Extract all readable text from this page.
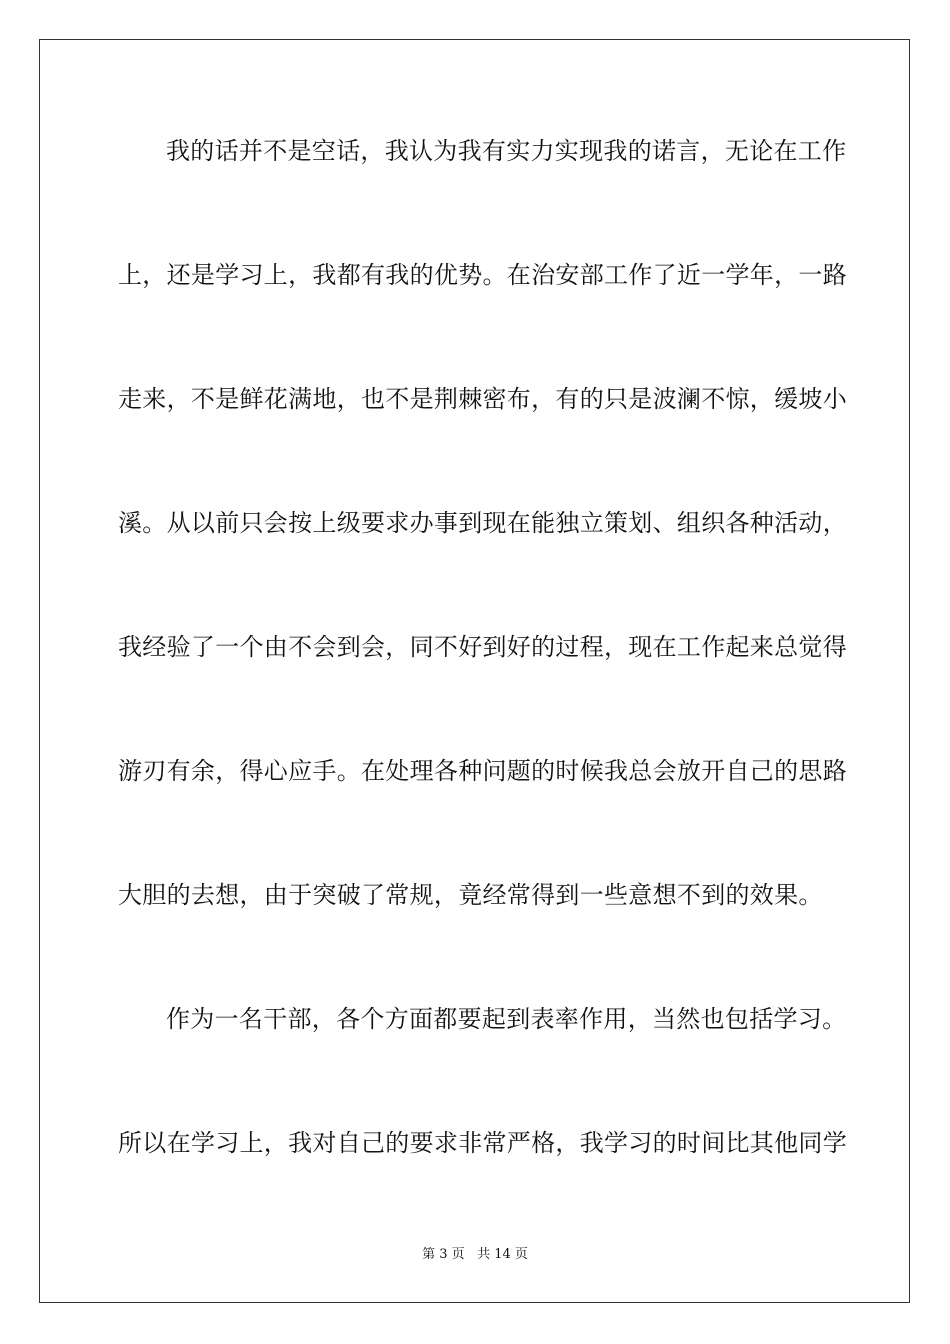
我的话并不是空话，我认为我有实力实现我的诺言，无论在工作
上，还是学习上，我都有我的优势。在治安部工作了近一学年，一路
走来，不是鲜花满地，也不是荆棘密布，有的只是波澜不惊，缓坡小
溪。从以前只会按上级要求办事到现在能独立策划、组织各种活动，
我经验了一个由不会到会，同不好到好的过程，现在工作起来总觉得
游刃有余，得心应手。在处理各种问题的时候我总会放开自己的思路
大胆的去想，由于突破了常规，竟经常得到一些意想不到的效果。
作为一名干部，各个方面都要起到表率作用，当然也包括学习。
所以在学习上，我对自己的要求非常严格，我学习的时间比其他同学
第 3 页 共 14 页
